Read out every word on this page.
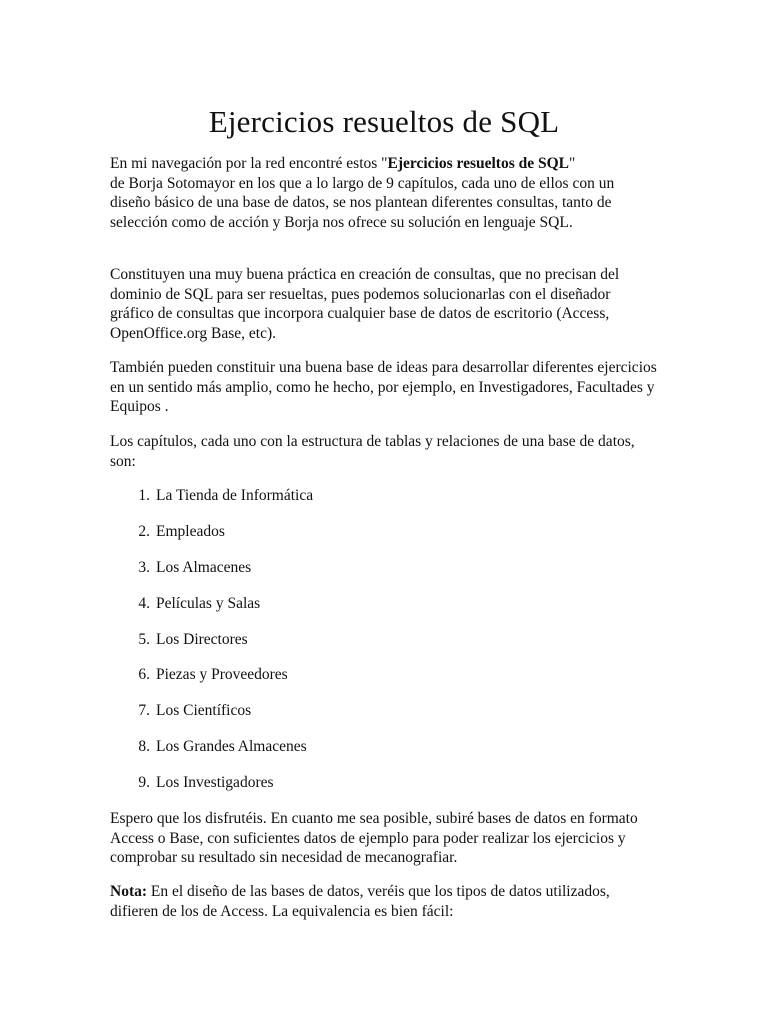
Ejercicios resueltos de SQL

En mi navegación por la red encontré estos "Ejercicios resueltos de SQL"
de Borja Sotomayor en los que a lo largo de 9 capítulos, cada uno de ellos con un diseño básico de una base de datos, se nos plantean diferentes consultas, tanto de selección como de acción y Borja nos ofrece su solución en lenguaje SQL.

Constituyen una muy buena práctica en creación de consultas, que no precisan del dominio de SQL para ser resueltas, pues podemos solucionarlas con el diseñador gráfico de consultas que incorpora cualquier base de datos de escritorio (Access, OpenOffice.org Base, etc).

También pueden constituir una buena base de ideas para desarrollar diferentes ejercicios en un sentido más amplio, como he hecho, por ejemplo, en Investigadores, Facultades y Equipos .

Los capítulos, cada uno con la estructura de tablas y relaciones de una base de datos, son:

1. La Tienda de Informática
2. Empleados
3. Los Almacenes
4. Películas y Salas
5. Los Directores
6. Piezas y Proveedores
7. Los Científicos
8. Los Grandes Almacenes
9. Los Investigadores

Espero que los disfrutéis. En cuanto me sea posible, subiré bases de datos en formato Access o Base, con suficientes datos de ejemplo para poder realizar los ejercicios y comprobar su resultado sin necesidad de mecanografiar.

Nota: En el diseño de las bases de datos, veréis que los tipos de datos utilizados, difieren de los de Access. La equivalencia es bien fácil:
